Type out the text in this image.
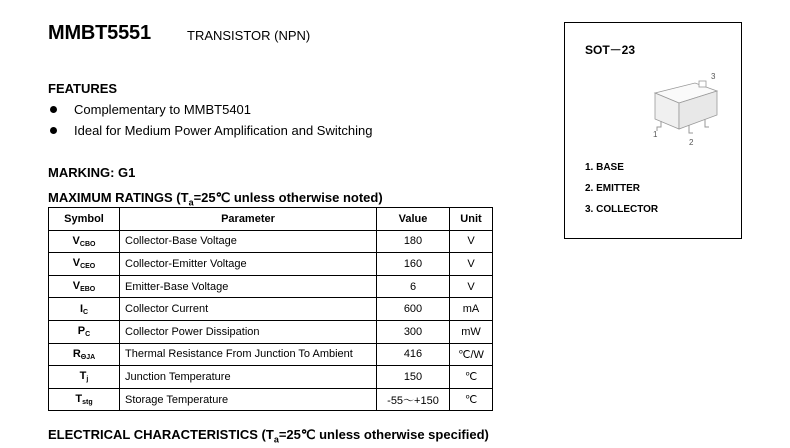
MMBT5551	TRANSISTOR (NPN)
FEATURES
Complementary to MMBT5401
Ideal for Medium Power Amplification and Switching
MARKING: G1
MAXIMUM RATINGS ($T_a=25℃$ unless otherwise noted)
Symbol	Parameter	Value	Unit
VCBO	Collector-Base Voltage	180	V
VCEO	Collector-Emitter Voltage	160	V
VEBO	Emitter-Base Voltage	6	V
IC	Collector Current	600	mA
PC	Collector Power Dissipation	300	mW
RΘJA	Thermal Resistance From Junction To Ambient	416	℃/W
Tj	Junction Temperature	150	℃
Tstg	Storage Temperature	-55～+150	℃
ELECTRICAL CHARACTERISTICS ($T_a=25℃$ unless otherwise specified)
SOT－23
3
1
2
1. BASE
2. EMITTER
3. COLLECTOR
